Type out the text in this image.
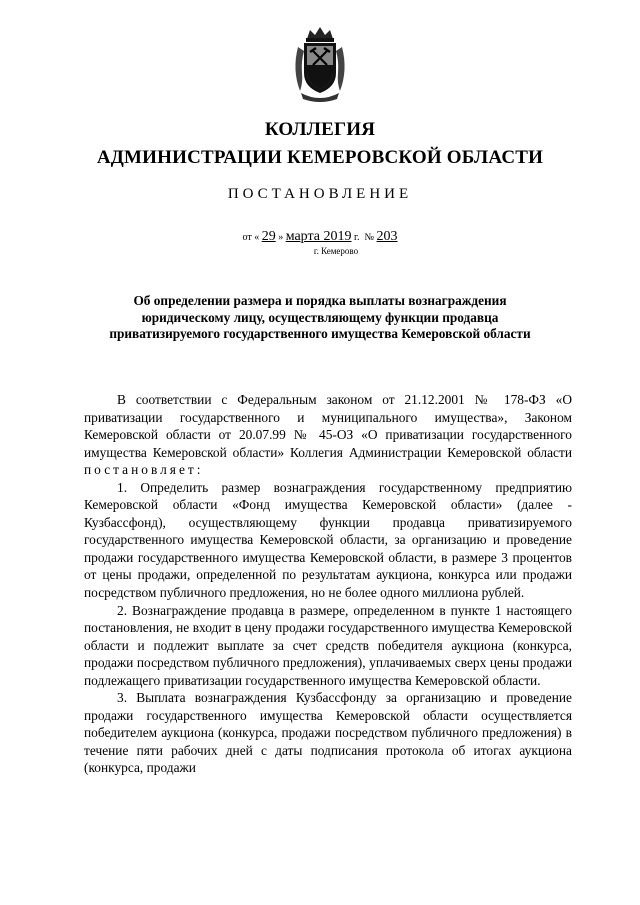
КОЛЛЕГИЯ
АДМИНИСТРАЦИИ КЕМЕРОВСКОЙ ОБЛАСТИ
ПОСТАНОВЛЕНИЕ
от « 29 » марта 2019 г. № 203
г. Кемерово
Об определении размера и порядка выплаты вознаграждения юридическому лицу, осуществляющему функции продавца приватизируемого государственного имущества Кемеровской области

В соответствии с Федеральным законом от 21.12.2001 № 178-ФЗ «О приватизации государственного и муниципального имущества», Законом Кемеровской области от 20.07.99 № 45-ОЗ «О приватизации государственного имущества Кемеровской области» Коллегия Администрации Кемеровской области постановляет:

1. Определить размер вознаграждения государственному предприятию Кемеровской области «Фонд имущества Кемеровской области» (далее - Кузбассфонд), осуществляющему функции продавца приватизируемого государственного имущества Кемеровской области, за организацию и проведение продажи государственного имущества Кемеровской области, в размере 3 процентов от цены продажи, определенной по результатам аукциона, конкурса или продажи посредством публичного предложения, но не более одного миллиона рублей.

2. Вознаграждение продавца в размере, определенном в пункте 1 настоящего постановления, не входит в цену продажи государственного имущества Кемеровской области и подлежит выплате за счет средств победителя аукциона (конкурса, продажи посредством публичного предложения), уплачиваемых сверх цены продажи подлежащего приватизации государственного имущества Кемеровской области.

3. Выплата вознаграждения Кузбассфонду за организацию и проведение продажи государственного имущества Кемеровской области осуществляется победителем аукциона (конкурса, продажи посредством публичного предложения) в течение пяти рабочих дней с даты подписания протокола об итогах аукциона (конкурса, продажи
